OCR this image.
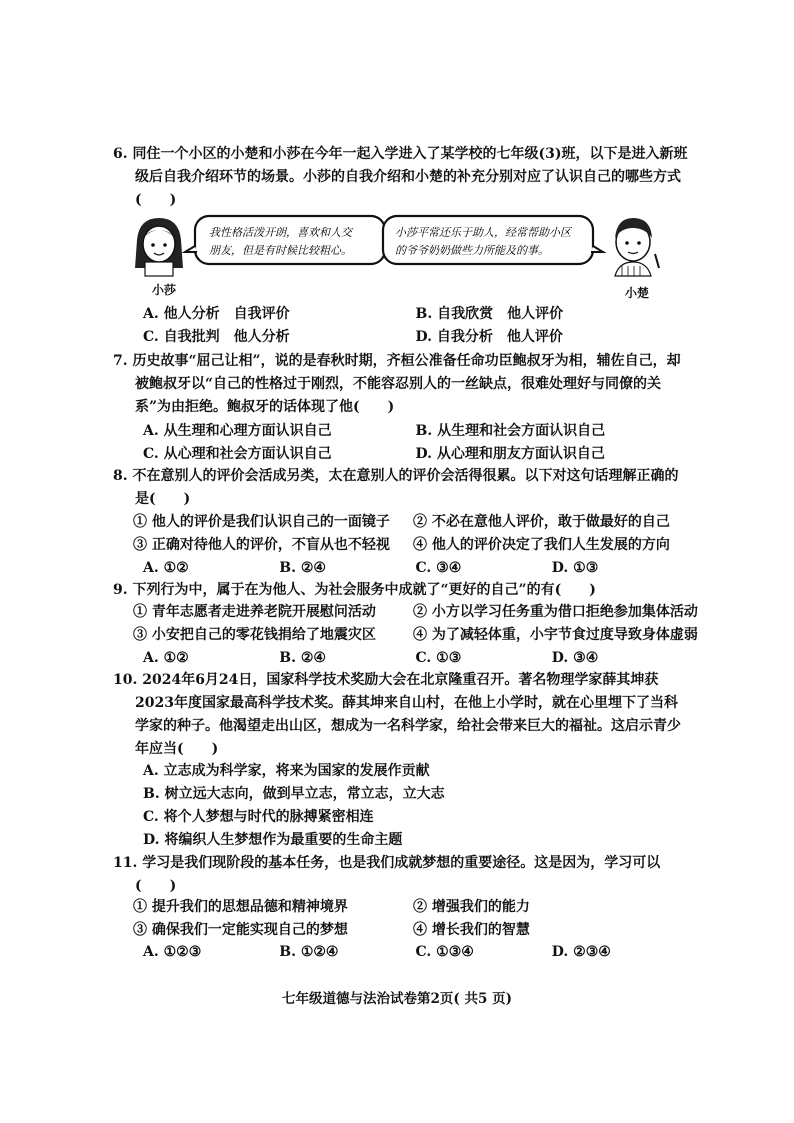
6. 同住一个小区的小楚和小莎在今年一起入学进入了某学校的七年级(3)班，以下是进入新班级后自我介绍环节的场景。小莎的自我介绍和小楚的补充分别对应了认识自己的哪些方式(　　)
我性格活泼开朗，喜欢和人交
朋友，但是有时候比较粗心。
小莎平常还乐于助人，经常帮助小区
的爷爷奶奶做些力所能及的事。
小莎	小楚
A. 他人分析　自我评价	B. 自我欣赏　他人评价
C. 自我批判　他人分析	D. 自我分析　他人评价
7. 历史故事“屈己让相”，说的是春秋时期，齐桓公准备任命功臣鲍叔牙为相，辅佐自己，却被鲍叔牙以“自己的性格过于刚烈，不能容忍别人的一丝缺点，很难处理好与同僚的关系”为由拒绝。鲍叔牙的话体现了他(　　)
A. 从生理和心理方面认识自己	B. 从生理和社会方面认识自己
C. 从心理和社会方面认识自己	D. 从心理和朋友方面认识自己
8. 不在意别人的评价会活成另类，太在意别人的评价会活得很累。以下对这句话理解正确的是(　　)
① 他人的评价是我们认识自己的一面镜子	② 不必在意他人评价，敢于做最好的自己
③ 正确对待他人的评价，不盲从也不轻视	④ 他人的评价决定了我们人生发展的方向
A. ①②	B. ②④	C. ③④	D. ①③
9. 下列行为中，属于在为他人、为社会服务中成就了“更好的自己”的有(　　)
① 青年志愿者走进养老院开展慰问活动	② 小方以学习任务重为借口拒绝参加集体活动
③ 小安把自己的零花钱捐给了地震灾区	④ 为了减轻体重，小宇节食过度导致身体虚弱
A. ①②	B. ②④	C. ①③	D. ③④
10. 2024年6月24日，国家科学技术奖励大会在北京隆重召开。著名物理学家薛其坤获2023年度国家最高科学技术奖。薛其坤来自山村，在他上小学时，就在心里埋下了当科学家的种子。他渴望走出山区，想成为一名科学家，给社会带来巨大的福祉。这启示青少年应当(　　)
A. 立志成为科学家，将来为国家的发展作贡献
B. 树立远大志向，做到早立志，常立志，立大志
C. 将个人梦想与时代的脉搏紧密相连
D. 将编织人生梦想作为最重要的生命主题
11. 学习是我们现阶段的基本任务，也是我们成就梦想的重要途径。这是因为，学习可以(　　)
① 提升我们的思想品德和精神境界	② 增强我们的能力
③ 确保我们一定能实现自己的梦想	④ 增长我们的智慧
A. ①②③	B. ①②④	C. ①③④	D. ②③④
七年级道德与法治试卷第2页( 共5 页)
